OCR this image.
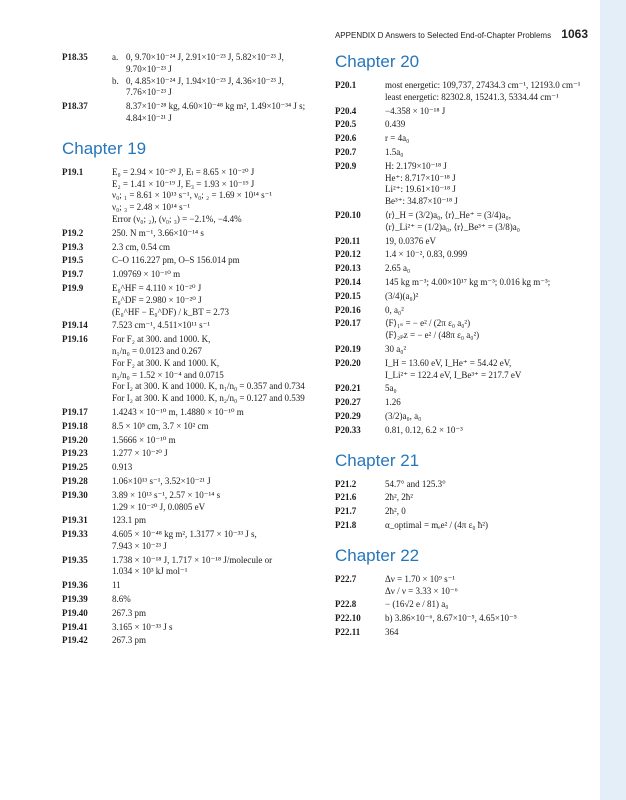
APPENDIX D Answers to Selected End-of-Chapter Problems 1063
P18.35	a. 0, 9.70×10⁻²⁴ J, 2.91×10⁻²³ J, 5.82×10⁻²³ J,
9.70×10⁻²³ J
b. 0, 4.85×10⁻²⁴ J, 1.94×10⁻²³ J, 4.36×10⁻²³ J,
7.76×10⁻²³ J
P18.37	8.37×10⁻²⁸ kg, 4.60×10⁻⁴⁸ kg m², 1.49×10⁻³⁴ J s;
4.84×10⁻²¹ J
Chapter 19
P19.1	E₀ = 2.94 × 10⁻²⁰ J, Eₗ = 8.65 × 10⁻²⁰ J
E₂ = 1.41 × 10⁻¹⁹ J, E₃ = 1.93 × 10⁻¹⁹ J
ν₀; ₁ = 8.61 × 10¹³ s⁻¹, ν₀; ₂ = 1.69 × 10¹⁴ s⁻¹
ν₀; ₃ = 2.48 × 10¹⁴ s⁻¹
Error (ν₀; ₂), (ν₀; ₃) = −2.1%, −4.4%
P19.2	250. N m⁻¹, 3.66×10⁻¹⁴ s
P19.3	2.3 cm, 0.54 cm
P19.5	C–O 116.227 pm, O–S 156.014 pm
P19.7	1.09769 × 10⁻¹⁰ m
P19.9	E₀^HF = 4.110 × 10⁻²⁰ J
E₀^DF = 2.980 × 10⁻²⁰ J
(E₀^HF − E₀^DF) / k_BT = 2.73
P19.14	7.523 cm⁻¹, 4.511×10¹¹ s⁻¹
P19.16	For F₂ at 300. and 1000. K,
n₁/n₀ = 0.0123 and 0.267
For F₂ at 300. K and 1000. K,
n₂/n₀ = 1.52 × 10⁻⁴ and 0.0715
For I₂ at 300. K and 1000. K, n₁/n₀ = 0.357 and 0.734
For I₂ at 300. K and 1000. K, n₂/n₀ = 0.127 and 0.539
P19.17	1.4243 × 10⁻¹⁰ m, 1.4880 × 10⁻¹⁰ m
P19.18	8.5 × 10⁵ cm, 3.7 × 10² cm
P19.20	1.5666 × 10⁻¹⁰ m
P19.23	1.277 × 10⁻²⁰ J
P19.25	0.913
P19.28	1.06×10¹³ s⁻¹, 3.52×10⁻²¹ J
P19.30	3.89 × 10¹³ s⁻¹, 2.57 × 10⁻¹⁴ s
1.29 × 10⁻²⁰ J, 0.0805 eV
P19.31	123.1 pm
P19.33	4.605 × 10⁻⁴⁸ kg m², 1.3177 × 10⁻³³ J s,
7.943 × 10⁻²³ J
P19.35	1.738 × 10⁻¹⁸ J, 1.717 × 10⁻¹⁸ J/molecule or
1.034 × 10³ kJ mol⁻¹
P19.36	11
P19.39	8.6%
P19.40	267.3 pm
P19.41	3.165 × 10⁻³³ J s
P19.42	267.3 pm
Chapter 20
P20.1	most energetic: 109,737, 27434.3 cm⁻¹, 12193.0 cm⁻¹
least energetic: 82302.8, 15241.3, 5334.44 cm⁻¹
P20.4	−4.358 × 10⁻¹⁸ J
P20.5	0.439
P20.6	r = 4a₀
P20.7	1.5a₀
P20.9	H: 2.179×10⁻¹⁸ J
He⁺: 8.717×10⁻¹⁸ J
Li²⁺: 19.61×10⁻¹⁸ J
Be³⁺: 34.87×10⁻¹⁸ J
P20.10	⟨r⟩_H = (3/2)a₀, ⟨r⟩_He⁺ = (3/4)a₀,
⟨r⟩_Li²⁺ = (1/2)a₀, ⟨r⟩_Be³⁺ = (3/8)a₀
P20.11	19, 0.0376 eV
P20.12	1.4 × 10⁻², 0.83, 0.999
P20.13	2.65 a₀
P20.14	145 kg m⁻³; 4.00×10¹⁷ kg m⁻³; 0.016 kg m⁻³;
P20.15	(3/4)(a₀)²
P20.16	0, a₀²
P20.17	⟨F⟩₁ₛ = − e² / (2π ε₀ a₀²)
⟨F⟩₂ₚz = − e² / (48π ε₀ a₀²)
P20.19	30 a₀²
P20.20	I_H = 13.60 eV, I_He⁺ = 54.42 eV,
I_Li²⁺ = 122.4 eV, I_Be³⁺ = 217.7 eV
P20.21	5a₀
P20.27	1.26
P20.29	(3/2)a₀, a₀
P20.33	0.81, 0.12, 6.2 × 10⁻³
Chapter 21
P21.2	54.7° and 125.3°
P21.6	2ħ², 2ħ²
P21.7	2ħ², 0
P21.8	α_optimal = mₑe² / (4π ε₀ ħ²)
Chapter 22
P22.7	Δν = 1.70 × 10⁹ s⁻¹
Δν / ν = 3.33 × 10⁻⁶
P22.8	− (16√2 e / 81) a₀
P22.10	b) 3.86×10⁻⁶, 8.67×10⁻⁵, 4.65×10⁻⁵
P22.11	364
